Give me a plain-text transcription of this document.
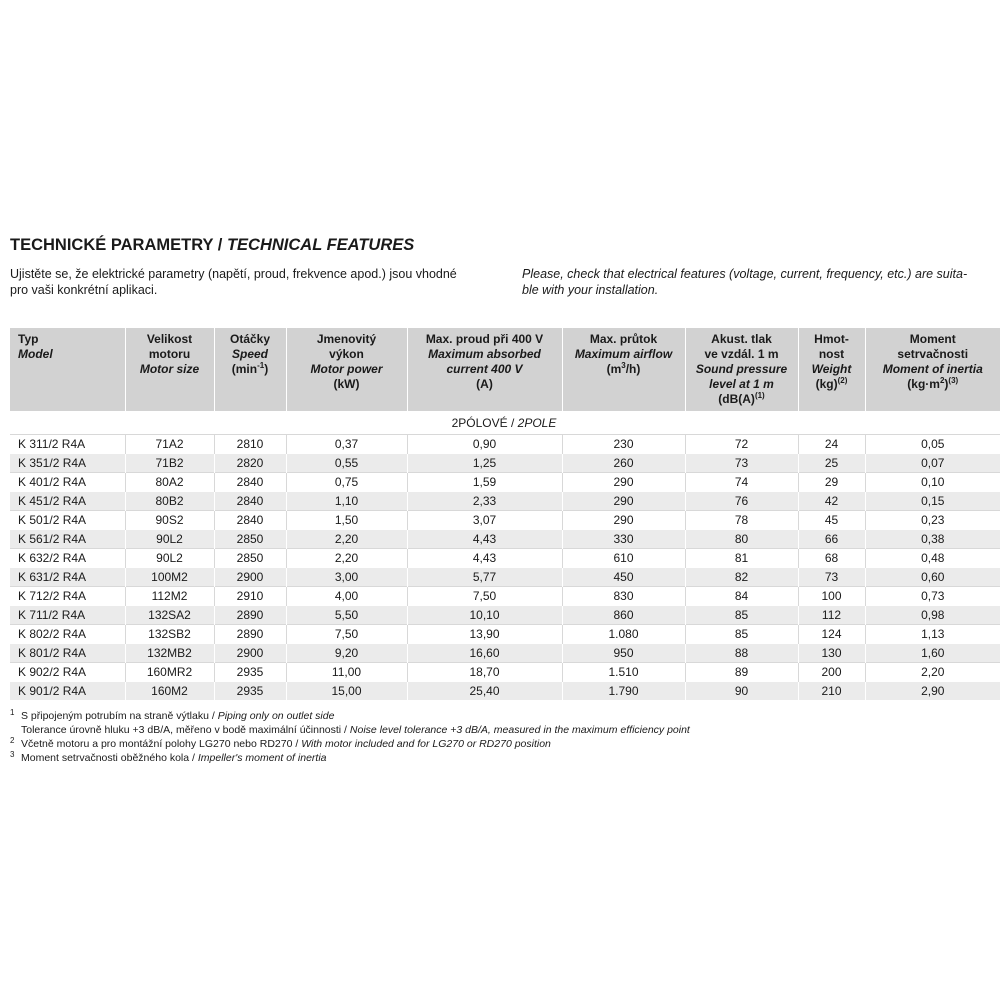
TECHNICKÉ PARAMETRY / TECHNICAL FEATURES
Ujistěte se, že elektrické parametry (napětí, proud, frekvence apod.) jsou vhodné
pro vaši konkrétní aplikaci.
Please, check that electrical features (voltage, current, frequency, etc.) are suita-
ble with your installation.
Typ
Model	Velikost
motoru
Motor size	Otáčky
Speed
$(\min^{-1})$	Jmenovitý
výkon
Motor power
(kW)	Max. proud při 400 V
Maximum absorbed
current 400 V
(A)	Max. průtok
Maximum airflow
$(m^3/h)$	Akust. tlak
ve vzdál. 1 m
Sound pressure
level at 1 m
($dB(A)^{(1)}$	Hmot-
nost
Weight
(kg)$^{(2)}$	Moment
setrvačnosti
Moment of inertia
$(kg\cdot m^2)^{(3)}$

2PÓLOVÉ / 2POLE								
K 311/2 R4A	71A2	2810	0,37	0,90	230	72	24	0,05
K 351/2 R4A	71B2	2820	0,55	1,25	260	73	25	0,07
K 401/2 R4A	80A2	2840	0,75	1,59	290	74	29	0,10
K 451/2 R4A	80B2	2840	1,10	2,33	290	76	42	0,15
K 501/2 R4A	90S2	2840	1,50	3,07	290	78	45	0,23
K 561/2 R4A	90L2	2850	2,20	4,43	330	80	66	0,38
K 632/2 R4A	90L2	2850	2,20	4,43	610	81	68	0,48
K 631/2 R4A	100M2	2900	3,00	5,77	450	82	73	0,60
K 712/2 R4A	112M2	2910	4,00	7,50	830	84	100	0,73
K 711/2 R4A	132SA2	2890	5,50	10,10	860	85	112	0,98
K 802/2 R4A	132SB2	2890	7,50	13,90	1.080	85	124	1,13
K 801/2 R4A	132MB2	2900	9,20	16,60	950	88	130	1,60
K 902/2 R4A	160MR2	2935	11,00	18,70	1.510	89	200	2,20
K 901/2 R4A	160M2	2935	15,00	25,40	1.790	90	210	2,90
1 S připojeným potrubím na straně výtlaku / Piping only on outlet side
Tolerance úrovně hluku +3 dB/A, měřeno v bodě maximální účinnosti / Noise level tolerance +3 dB/A, measured in the maximum efficiency point
2 Včetně motoru a pro montážní polohy LG270 nebo RD270 / With motor included and for LG270 or RD270 position
3 Moment setrvačnosti oběžného kola / Impeller's moment of inertia
